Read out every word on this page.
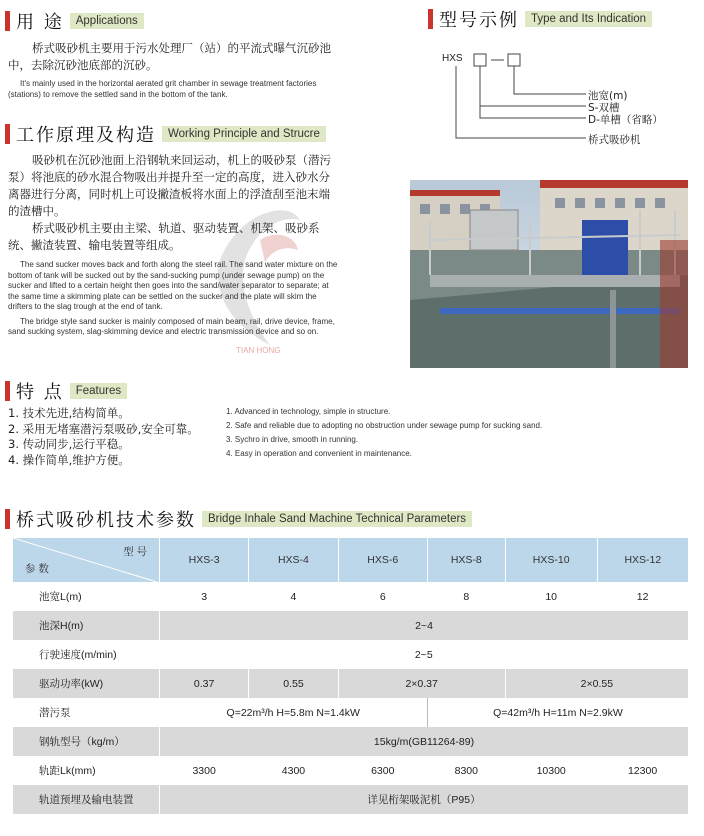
用 途	Applications

桥式吸砂机主要用于污水处理厂（站）的平流式曝气沉砂池中，去除沉砂池底部的沉砂。

It's mainly used in the horizontal aerated grit chamber in sewage treatment factories (stations) to remove the settled sand in the bottom of the tank.

型号示例	Type and Its Indication
HXS
池宽(m)
S-双槽
D-单槽（省略）
桥式吸砂机
工作原理及构造	Working Principle and Strucre
TIAN HONG

吸砂机在沉砂池面上沿钢轨来回运动，机上的吸砂泵（潜污泵）将池底的砂水混合物吸出并提升至一定的高度，进入砂水分离器进行分离，同时机上可设撇渣板将水面上的浮渣刮至池末端的渣槽中。

桥式吸砂机主要由主梁、轨道、驱动装置、机架、吸砂系统、撇渣装置、输电装置等组成。

The sand sucker moves back and forth along the steel rail. The sand water mixture on the bottom of tank will be sucked out by the sand-sucking pump (under sewage pump) on the sucker and lifted to a certain height then goes into the sand/water separator to separate; at the same time a skimming plate can be settled on the sucker and the plate will skim the drifters to the slag trough at the end of tank.

The bridge style sand sucker is mainly composed of main beam, rail, drive device, frame, sand sucking system, slag-skimming device and electric transmission device and so on.

特 点	Features
1. 技术先进,结构简单。
2. 采用无堵塞潜污泵吸砂,安全可靠。
3. 传动同步,运行平稳。
4. 操作简单,维护方便。
1. Advanced in technology, simple in structure.
2. Safe and reliable due to adopting no obstruction under sewage pump for sucking sand.
3. Sychro in drive, smooth in running.
4. Easy in operation and convenient in maintenance.
桥式吸砂机技术参数	Bridge Inhale Sand Machine Technical Parameters
型 号
参 数	HXS-3	HXS-4	HXS-6	HXS-8	HXS-10	HXS-12
池宽L(m)	3	4	6	8	10	12
池深H(m)	2~4					
行驶速度(m/min)	2~5					
驱动功率(kW)	0.37	0.55	2×0.37		2×0.55	
潜污泵	Q=22m³/h H=5.8m N=1.4kW			Q=42m³/h H=11m N=2.9kW		
钢轨型号（kg/m）	15kg/m(GB11264-89)					
轨距Lk(mm)	3300	4300	6300	8300	10300	12300
轨道预埋及输电装置	详见桁架吸泥机（P95）					
